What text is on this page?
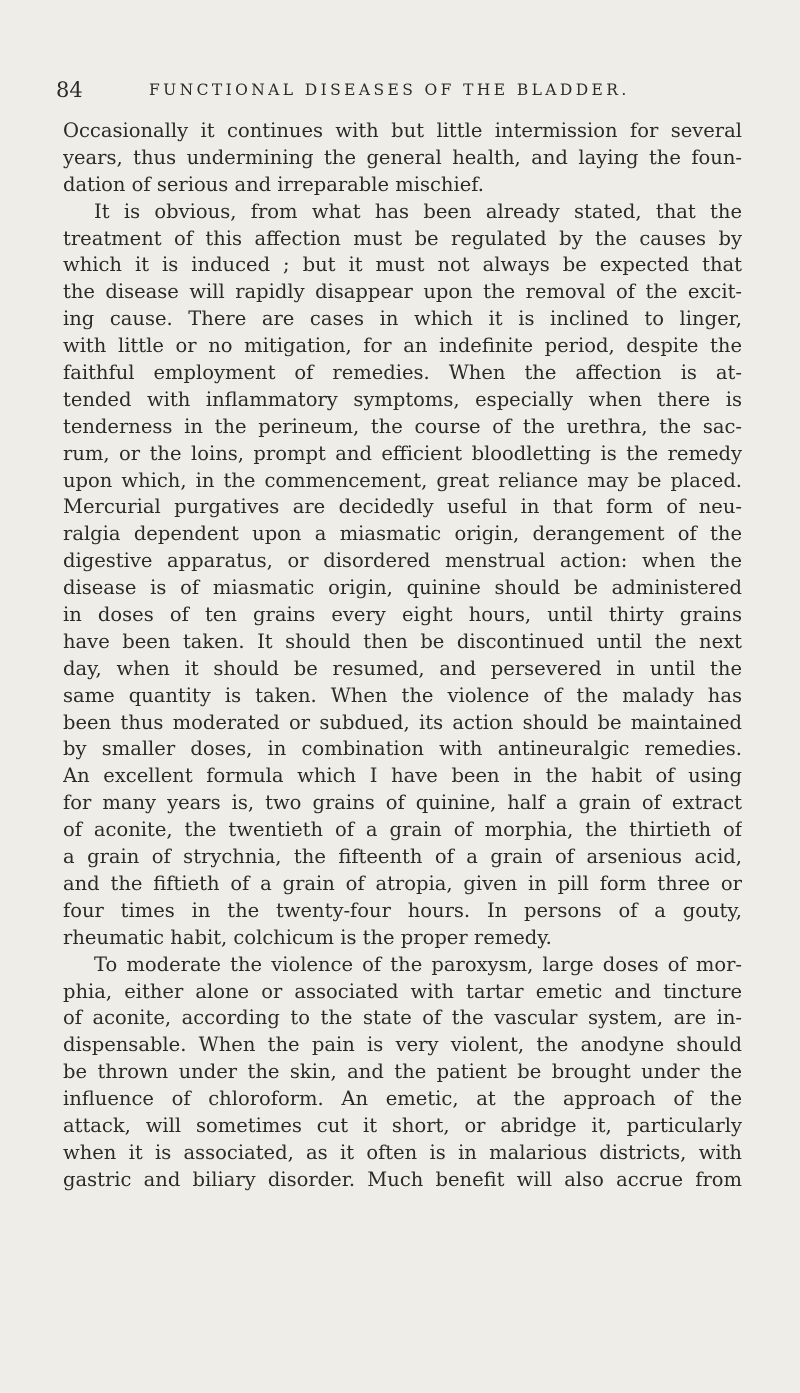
84	FUNCTIONAL DISEASES OF THE BLADDER.
Occasionally it continues with but little intermission for several
years, thus undermining the general health, and laying the foun-
dation of serious and irreparable mischief.
It is obvious, from what has been already stated, that the
treatment of this affection must be regulated by the causes by
which it is induced ; but it must not always be expected that
the disease will rapidly disappear upon the removal of the excit-
ing cause. There are cases in which it is inclined to linger,
with little or no mitigation, for an indefinite period, despite the
faithful employment of remedies. When the affection is at-
tended with inflammatory symptoms, especially when there is
tenderness in the perineum, the course of the urethra, the sac-
rum, or the loins, prompt and efficient bloodletting is the remedy
upon which, in the commencement, great reliance may be placed.
Mercurial purgatives are decidedly useful in that form of neu-
ralgia dependent upon a miasmatic origin, derangement of the
digestive apparatus, or disordered menstrual action: when the
disease is of miasmatic origin, quinine should be administered
in doses of ten grains every eight hours, until thirty grains
have been taken. It should then be discontinued until the next
day, when it should be resumed, and persevered in until the
same quantity is taken. When the violence of the malady has
been thus moderated or subdued, its action should be maintained
by smaller doses, in combination with antineuralgic remedies.
An excellent formula which I have been in the habit of using
for many years is, two grains of quinine, half a grain of extract
of aconite, the twentieth of a grain of morphia, the thirtieth of
a grain of strychnia, the fifteenth of a grain of arsenious acid,
and the fiftieth of a grain of atropia, given in pill form three or
four times in the twenty-four hours. In persons of a gouty,
rheumatic habit, colchicum is the proper remedy.
To moderate the violence of the paroxysm, large doses of mor-
phia, either alone or associated with tartar emetic and tincture
of aconite, according to the state of the vascular system, are in-
dispensable. When the pain is very violent, the anodyne should
be thrown under the skin, and the patient be brought under the
influence of chloroform. An emetic, at the approach of the
attack, will sometimes cut it short, or abridge it, particularly
when it is associated, as it often is in malarious districts, with
gastric and biliary disorder. Much benefit will also accrue from
